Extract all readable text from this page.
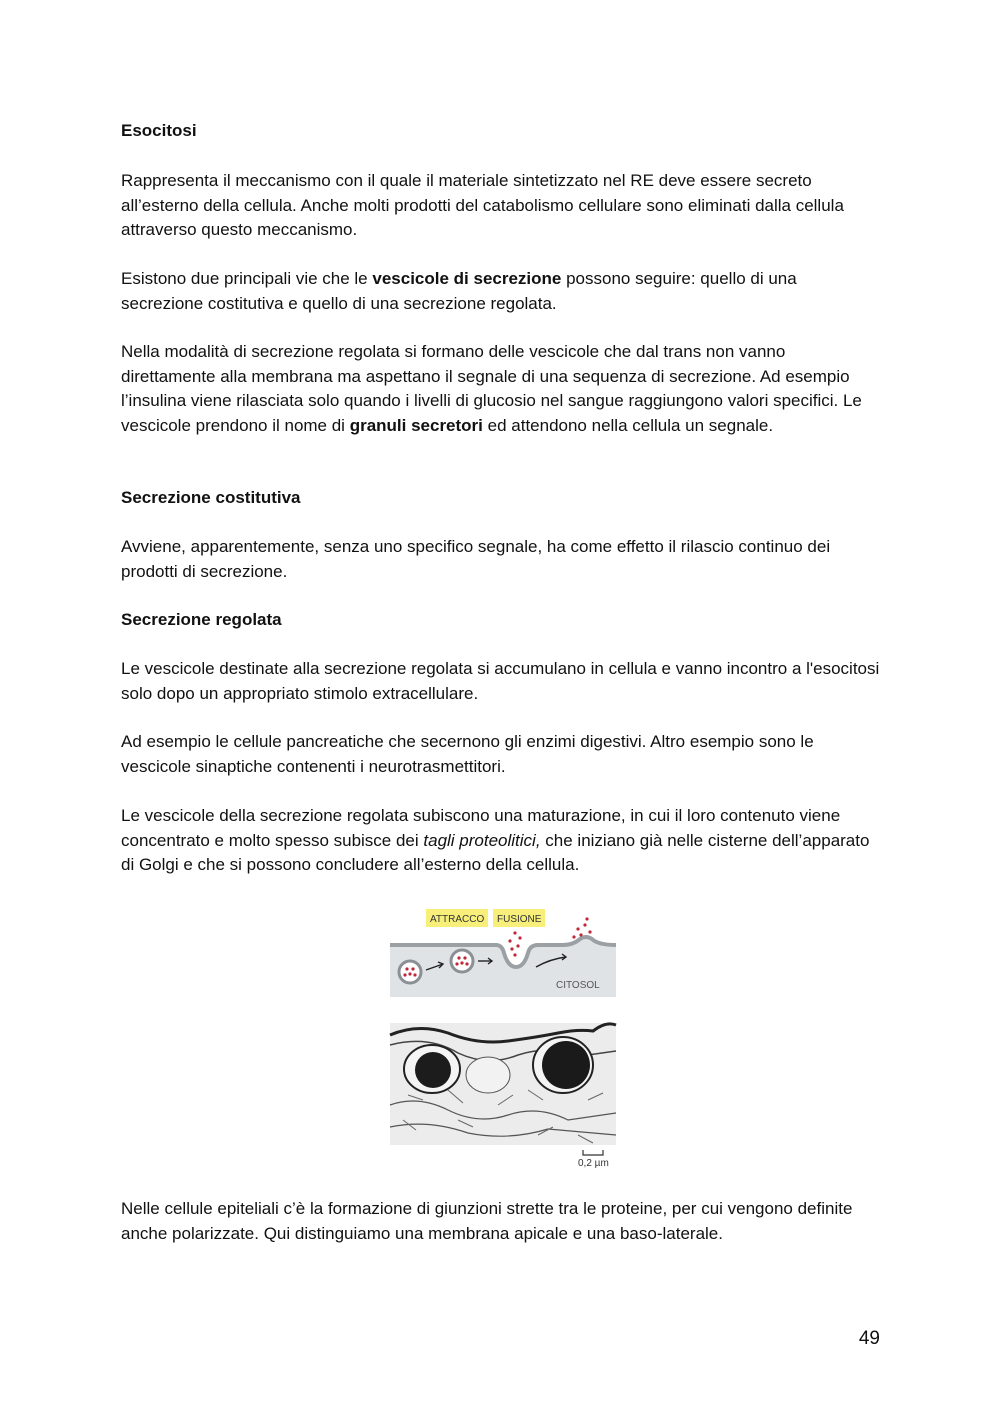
Esocitosi

Rappresenta il meccanismo con il quale il materiale sintetizzato nel RE deve essere secreto all’esterno della cellula. Anche molti prodotti del catabolismo cellulare sono eliminati dalla cellula attraverso questo meccanismo.

Esistono due principali vie che le vescicole di secrezione possono seguire: quello di una secrezione costitutiva e quello di una secrezione regolata.

Nella modalità di secrezione regolata si formano delle vescicole che dal trans non vanno direttamente alla membrana ma aspettano il segnale di una sequenza di secrezione. Ad esempio l’insulina viene rilasciata solo quando i livelli di glucosio nel sangue raggiungono valori specifici. Le vescicole prendono il nome di granuli secretori ed attendono nella cellula un segnale.

Secrezione costitutiva

Avviene, apparentemente, senza uno specifico segnale, ha come effetto il rilascio continuo dei prodotti di secrezione.

Secrezione regolata

Le vescicole destinate alla secrezione regolata si accumulano in cellula e vanno incontro a l'esocitosi solo dopo un appropriato stimolo extracellulare.

Ad esempio le cellule pancreatiche che secernono gli enzimi digestivi. Altro esempio sono le vescicole sinaptiche contenenti i neurotrasmettitori.

Le vescicole della secrezione regolata subiscono una maturazione, in cui il loro contenuto viene concentrato e molto spesso subisce dei tagli proteolitici, che iniziano già nelle cisterne dell’apparato di Golgi e che si possono concludere all’esterno della cellula.

ATTRACCO FUSIONE
CITOSOL
0,2 µm

Nelle cellule epiteliali c’è la formazione di giunzioni strette tra le proteine, per cui vengono definite anche polarizzate. Qui distinguiamo una membrana apicale e una baso-laterale.

49
